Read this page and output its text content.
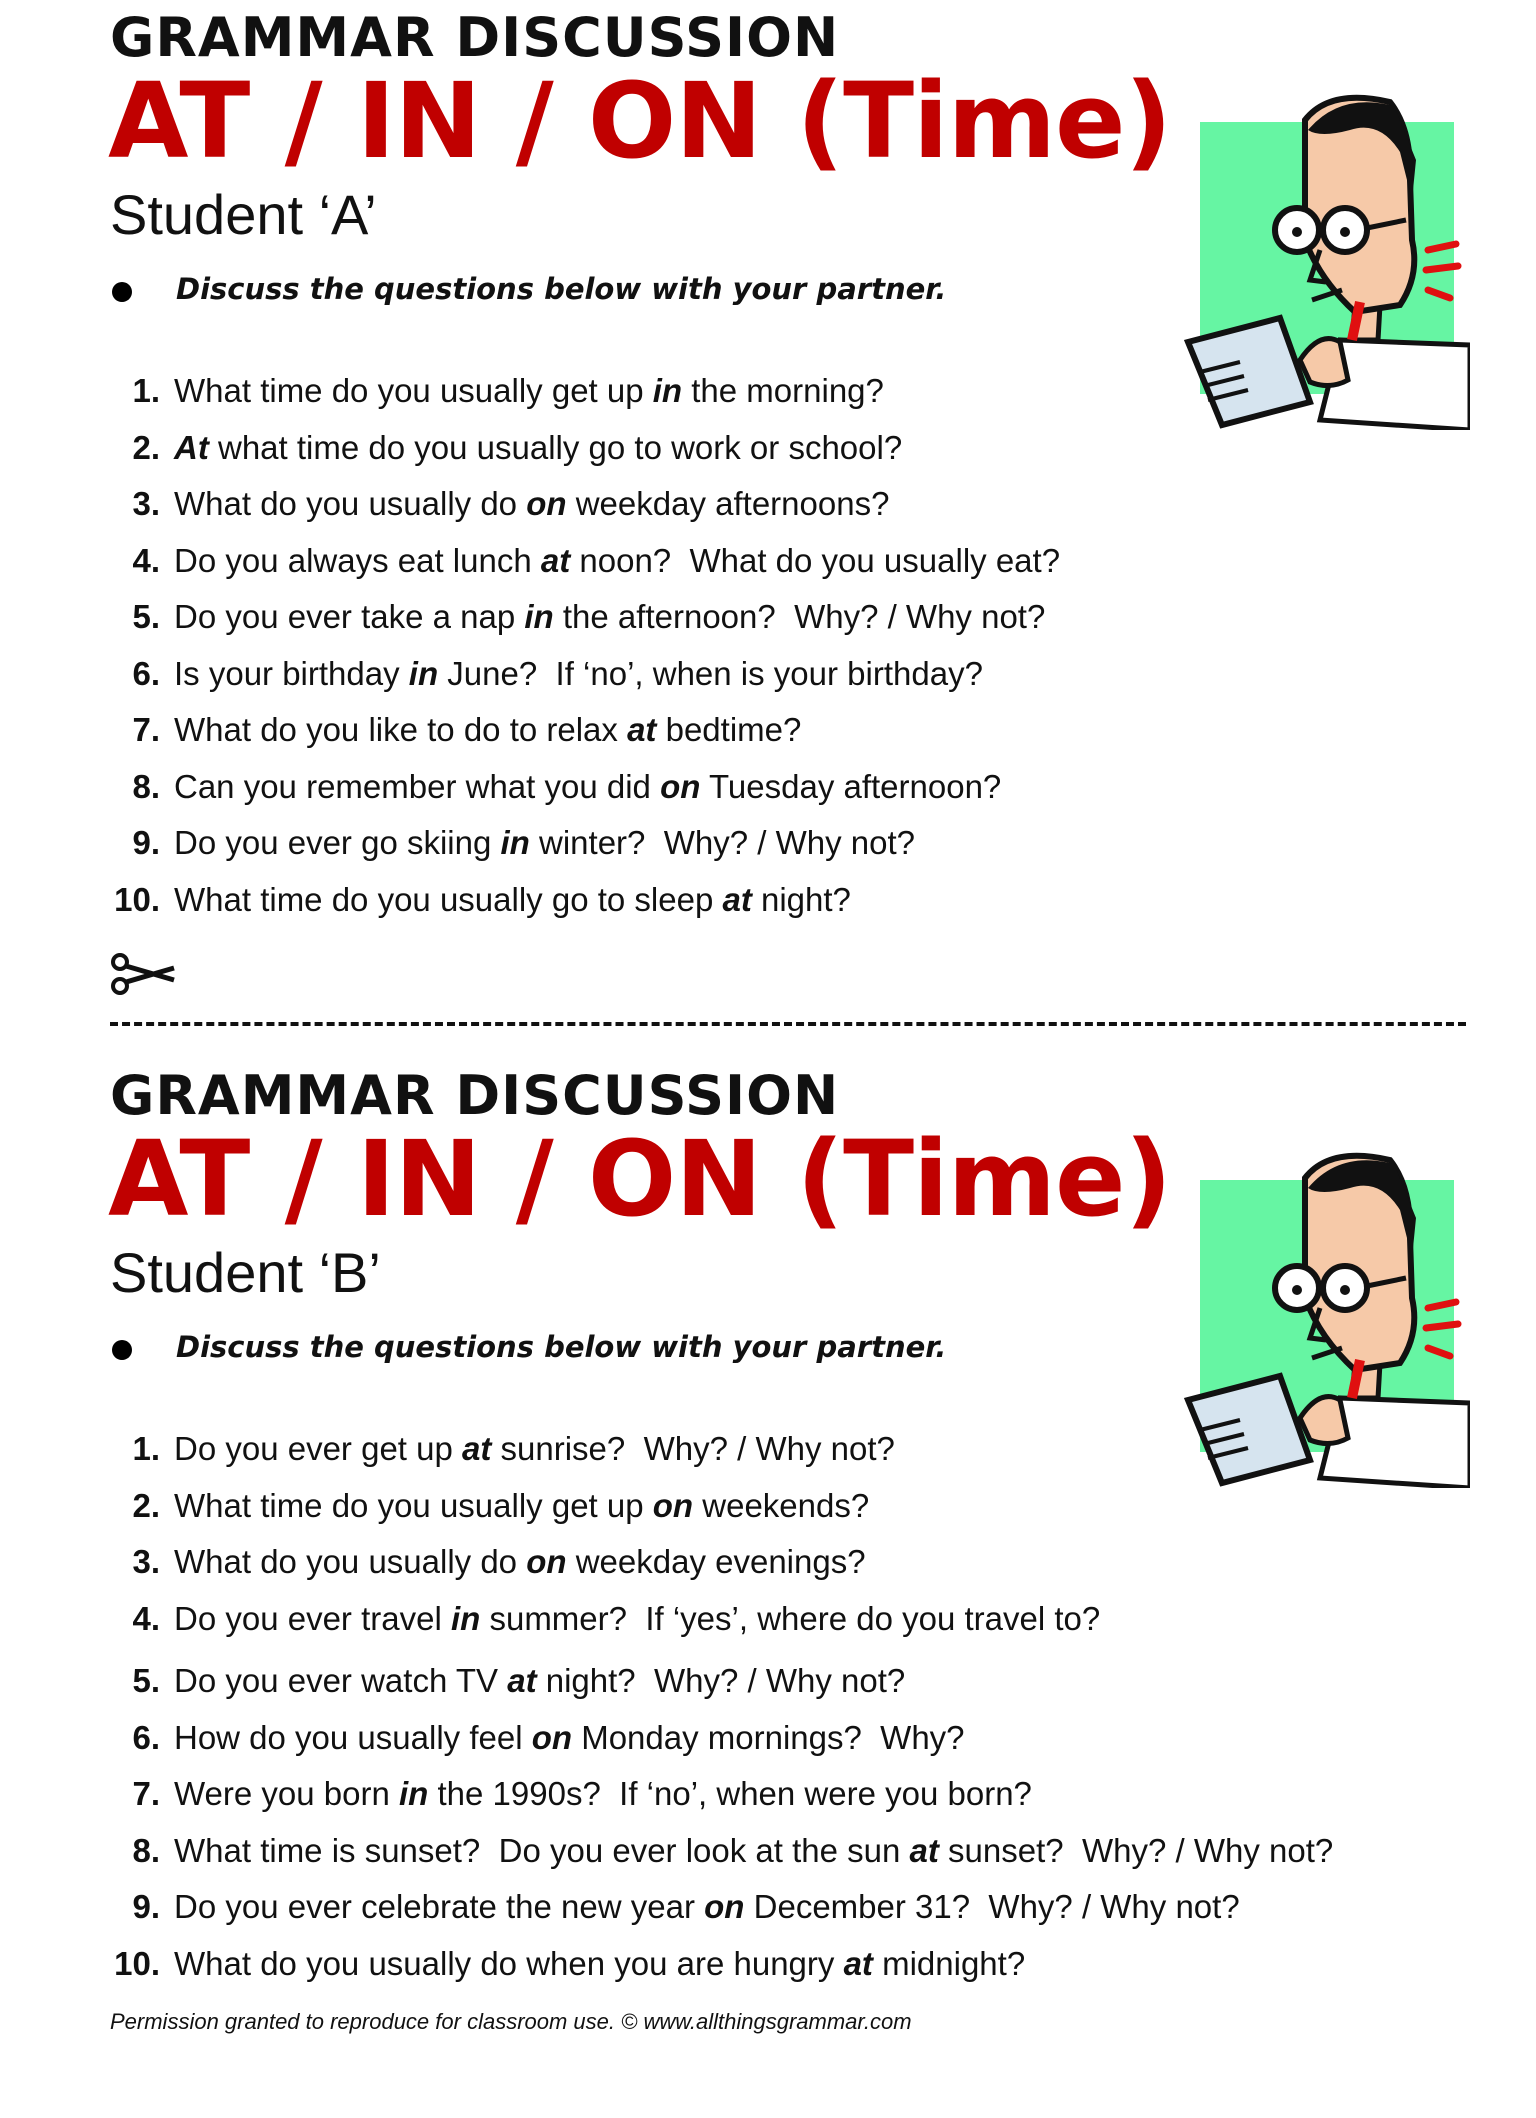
GRAMMAR DISCUSSION
AT / IN / ON (Time)
Student ‘A’
Discuss the questions below with your partner.
1. What time do you usually get up in the morning?
2. At what time do you usually go to work or school?
3. What do you usually do on weekday afternoons?
4. Do you always eat lunch at noon?  What do you usually eat?
5. Do you ever take a nap in the afternoon?  Why? / Why not?
6. Is your birthday in June?  If ‘no’, when is your birthday?
7. What do you like to do to relax at bedtime?
8. Can you remember what you did on Tuesday afternoon?
9. Do you ever go skiing in winter?  Why? / Why not?
10. What time do you usually go to sleep at night?
GRAMMAR DISCUSSION
AT / IN / ON (Time)
Student ‘B’
Discuss the questions below with your partner.
1. Do you ever get up at sunrise?  Why? / Why not?
2. What time do you usually get up on weekends?
3. What do you usually do on weekday evenings?
4. Do you ever travel in summer?  If ‘yes’, where do you travel to?
5. Do you ever watch TV at night?  Why? / Why not?
6. How do you usually feel on Monday mornings?  Why?
7. Were you born in the 1990s?  If ‘no’, when were you born?
8. What time is sunset?  Do you ever look at the sun at sunset?  Why? / Why not?
9. Do you ever celebrate the new year on December 31?  Why? / Why not?
10. What do you usually do when you are hungry at midnight?

Permission granted to reproduce for classroom use. © www.allthingsgrammar.com
